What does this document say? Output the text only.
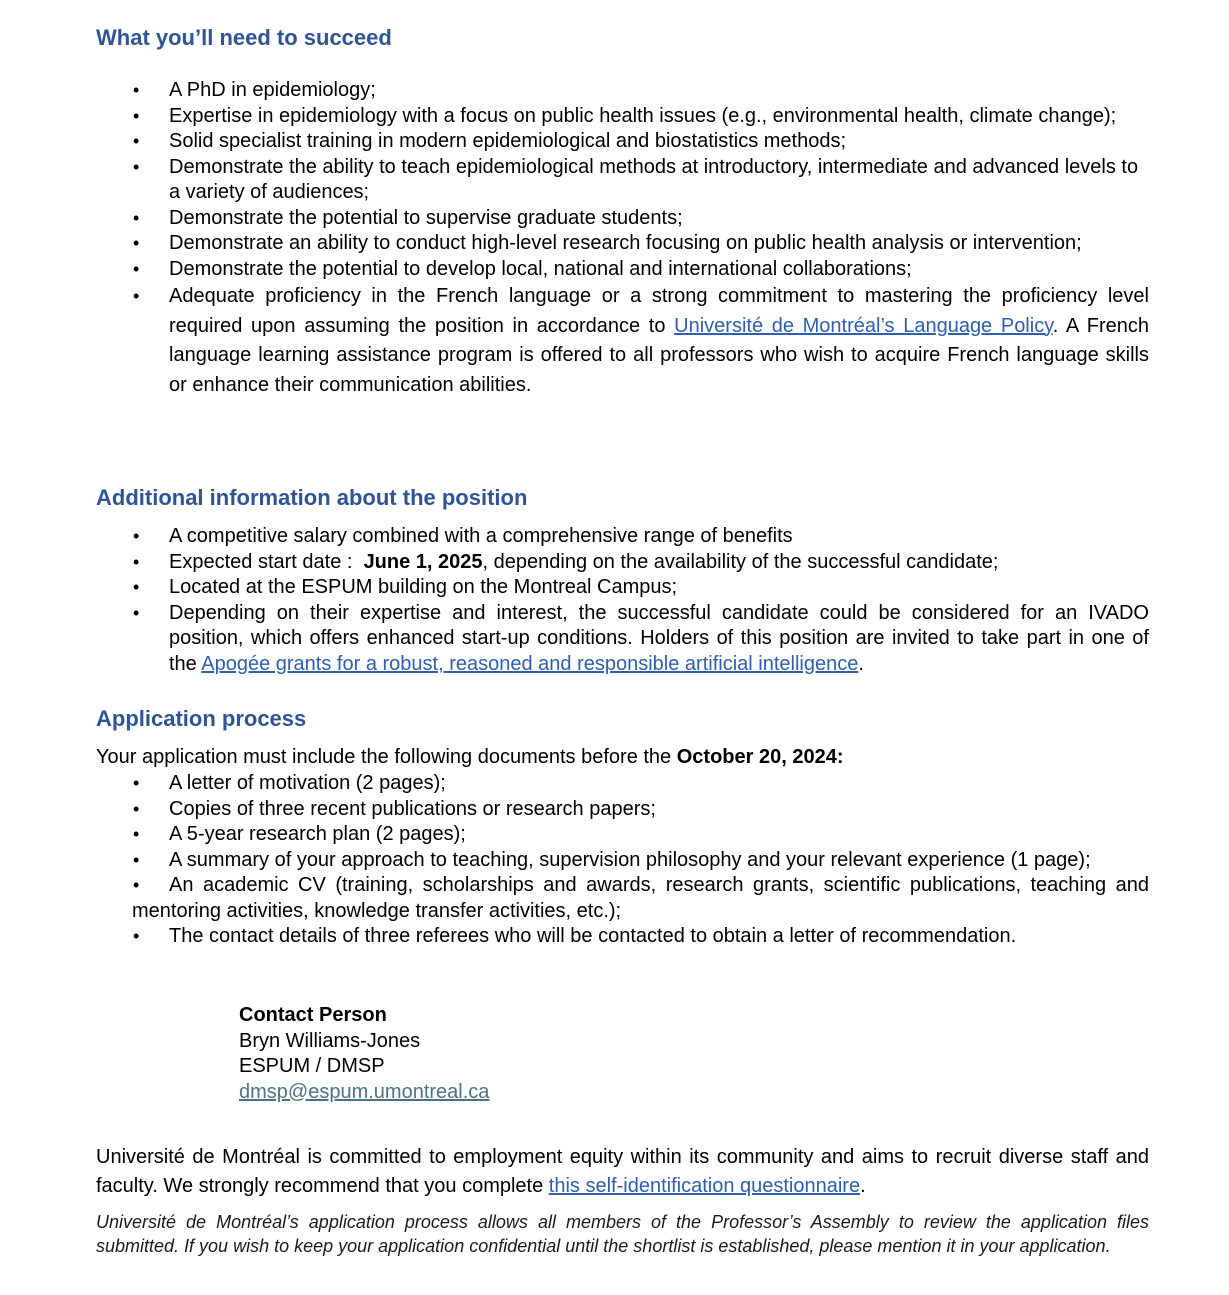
What you’ll need to succeed
• A PhD in epidemiology;
• Expertise in epidemiology with a focus on public health issues (e.g., environmental health, climate change);
• Solid specialist training in modern epidemiological and biostatistics methods;
• Demonstrate the ability to teach epidemiological methods at introductory, intermediate and advanced levels to a variety of audiences;
• Demonstrate the potential to supervise graduate students;
• Demonstrate an ability to conduct high-level research focusing on public health analysis or intervention;
• Demonstrate the potential to develop local, national and international collaborations;
• Adequate proficiency in the French language or a strong commitment to mastering the proficiency level required upon assuming the position in accordance to Université de Montréal’s Language Policy. A French language learning assistance program is offered to all professors who wish to acquire French language skills or enhance their communication abilities.
Additional information about the position
• A competitive salary combined with a comprehensive range of benefits
• Expected start date :  June 1, 2025, depending on the availability of the successful candidate;
• Located at the ESPUM building on the Montreal Campus;
• Depending on their expertise and interest, the successful candidate could be considered for an IVADO position, which offers enhanced start-up conditions. Holders of this position are invited to take part in one of the Apogée grants for a robust, reasoned and responsible artificial intelligence.
Application process
Your application must include the following documents before the October 20, 2024:
• A letter of motivation (2 pages);
• Copies of three recent publications or research papers;
• A 5-year research plan (2 pages);
•	A summary of your approach to teaching, supervision philosophy and your relevant experience (1 page);
•	An academic CV (training, scholarships and awards, research grants, scientific publications, teaching and mentoring activities, knowledge transfer activities, etc.);
•	The contact details of three referees who will be contacted to obtain a letter of recommendation.
Contact Person
Bryn Williams-Jones
ESPUM / DMSP
dmsp@espum.umontreal.ca

Université de Montréal is committed to employment equity within its community and aims to recruit diverse staff and faculty. We strongly recommend that you complete this self-identification questionnaire.

Université de Montréal’s application process allows all members of the Professor’s Assembly to review the application files submitted. If you wish to keep your application confidential until the shortlist is established, please mention it in your application.
